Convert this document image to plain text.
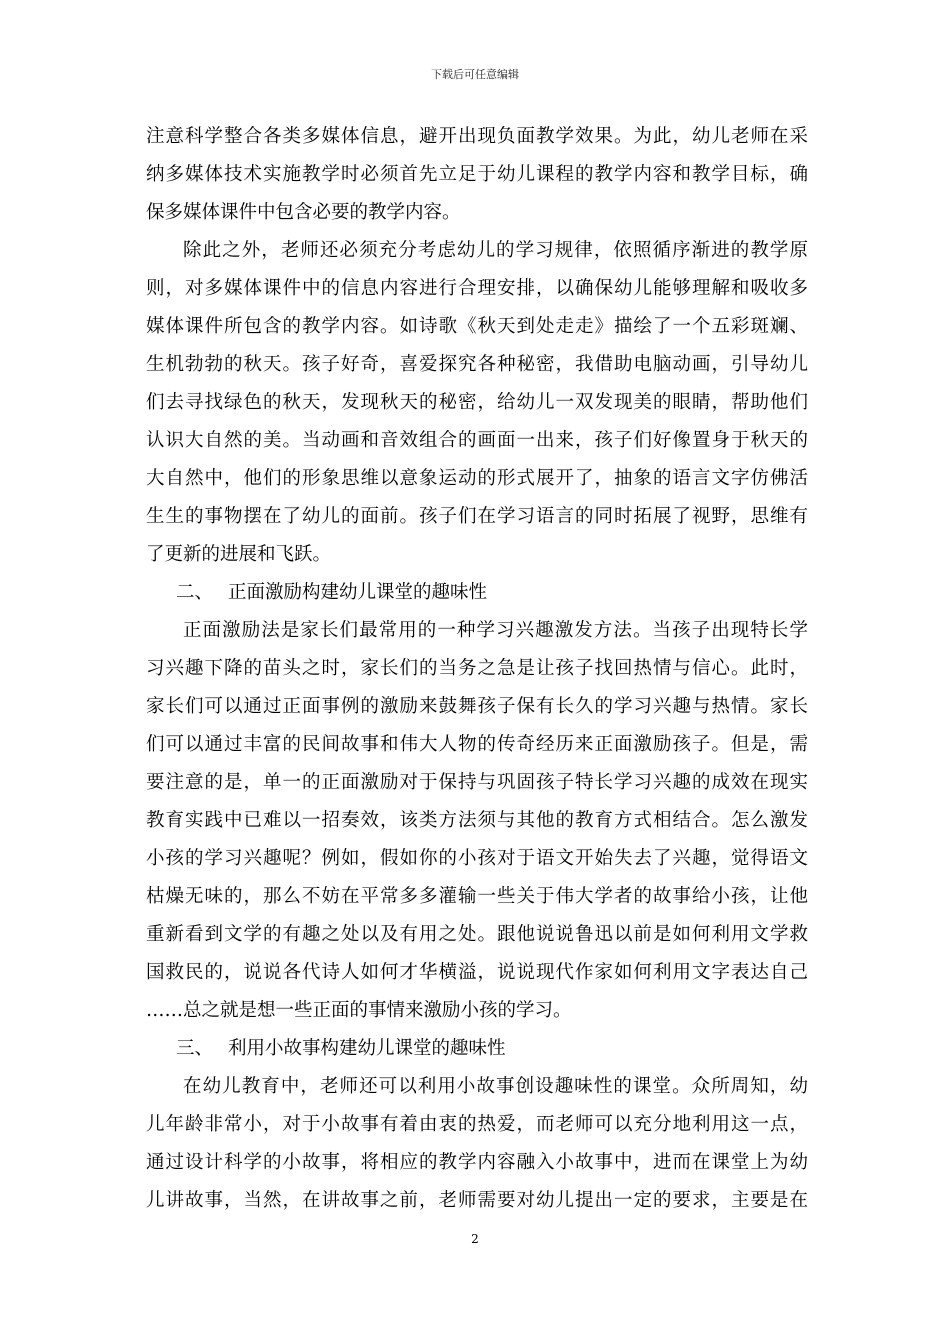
下载后可任意编辑
注意科学整合各类多媒体信息，避开出现负面教学效果。为此，幼儿老师在采
纳多媒体技术实施教学时必须首先立足于幼儿课程的教学内容和教学目标，确
保多媒体课件中包含必要的教学内容。
除此之外，老师还必须充分考虑幼儿的学习规律，依照循序渐进的教学原
则，对多媒体课件中的信息内容进行合理安排，以确保幼儿能够理解和吸收多
媒体课件所包含的教学内容。如诗歌《秋天到处走走》描绘了一个五彩斑斓、
生机勃勃的秋天。孩子好奇，喜爱探究各种秘密，我借助电脑动画，引导幼儿
们去寻找绿色的秋天，发现秋天的秘密，给幼儿一双发现美的眼睛，帮助他们
认识大自然的美。当动画和音效组合的画面一出来，孩子们好像置身于秋天的
大自然中，他们的形象思维以意象运动的形式展开了，抽象的语言文字仿佛活
生生的事物摆在了幼儿的面前。孩子们在学习语言的同时拓展了视野，思维有
了更新的进展和飞跃。
二、 正面激励构建幼儿课堂的趣味性
正面激励法是家长们最常用的一种学习兴趣激发方法。当孩子出现特长学
习兴趣下降的苗头之时，家长们的当务之急是让孩子找回热情与信心。此时，
家长们可以通过正面事例的激励来鼓舞孩子保有长久的学习兴趣与热情。家长
们可以通过丰富的民间故事和伟大人物的传奇经历来正面激励孩子。但是，需
要注意的是，单一的正面激励对于保持与巩固孩子特长学习兴趣的成效在现实
教育实践中已难以一招奏效，该类方法须与其他的教育方式相结合。怎么激发
小孩的学习兴趣呢？例如，假如你的小孩对于语文开始失去了兴趣，觉得语文
枯燥无味的，那么不妨在平常多多灌输一些关于伟大学者的故事给小孩，让他
重新看到文学的有趣之处以及有用之处。跟他说说鲁迅以前是如何利用文学救
国救民的，说说各代诗人如何才华横溢，说说现代作家如何利用文字表达自己
……总之就是想一些正面的事情来激励小孩的学习。
三、 利用小故事构建幼儿课堂的趣味性
在幼儿教育中，老师还可以利用小故事创设趣味性的课堂。众所周知，幼
儿年龄非常小，对于小故事有着由衷的热爱，而老师可以充分地利用这一点，
通过设计科学的小故事，将相应的教学内容融入小故事中，进而在课堂上为幼
儿讲故事，当然，在讲故事之前，老师需要对幼儿提出一定的要求，主要是在
2
